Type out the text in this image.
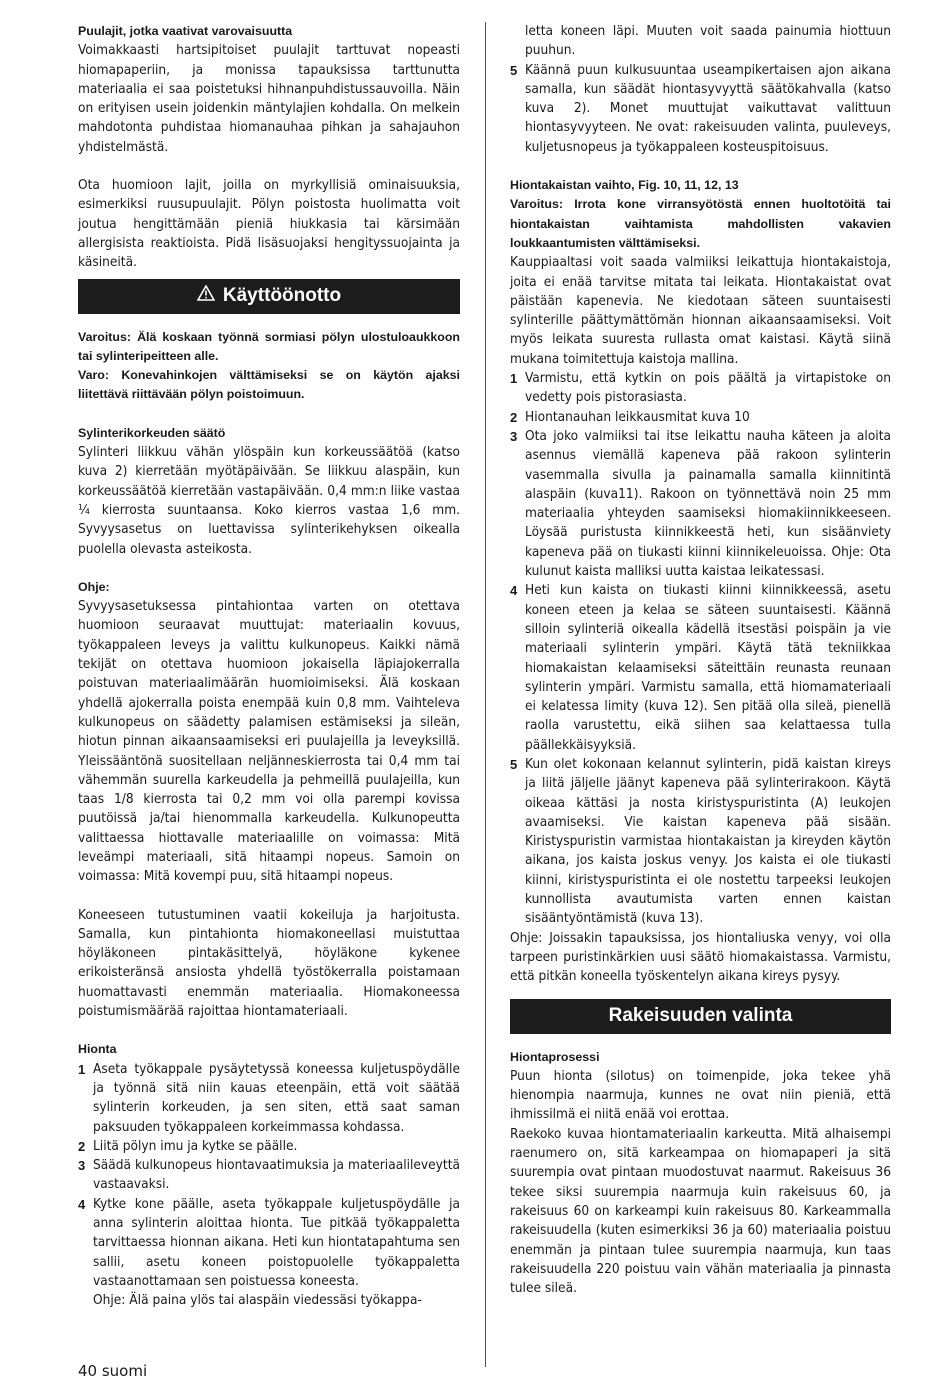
Puulajit, jotka vaativat varovaisuutta

Voimakkaasti hartsipitoiset puulajit tarttuvat nopeasti hiomapaperiin, ja monissa tapauksissa tarttunutta materiaalia ei saa poistetuksi hihnanpuhdistussauvoilla. Näin on erityisen usein joidenkin mäntylajien kohdalla. On melkein mahdotonta puhdistaa hiomanauhaa pihkan ja sahajauhon yhdistelmästä.

Ota huomioon lajit, joilla on myrkyllisiä ominaisuuksia, esimerkiksi ruusupuulajit. Pölyn poistosta huolimatta voit joutua hengittämään pieniä hiukkasia tai kärsimään allergisista reaktioista. Pidä lisäsuojaksi hengityssuojainta ja käsineitä.

Käyttöönotto

Varoitus: Älä koskaan työnnä sormiasi pölyn ulostuloaukkoon tai sylinteripeitteen alle.

Varo: Konevahinkojen välttämiseksi se on käytön ajaksi liitettävä riittävään pölyn poistoimuun.

Sylinterikorkeuden säätö

Sylinteri liikkuu vähän ylöspäin kun korkeussäätöä (katso kuva 2) kierretään myötäpäivään. Se liikkuu alaspäin, kun korkeussäätöä kierretään vastapäivään. 0,4 mm:n liike vastaa ¼ kierrosta suuntaansa. Koko kierros vastaa 1,6 mm. Syvyysasetus on luettavissa sylinterikehyksen oikealla puolella olevasta asteikosta.

Ohje:

Syvyysasetuksessa pintahiontaa varten on otettava huomioon seuraavat muuttujat: materiaalin kovuus, työkappaleen leveys ja valittu kulkunopeus. Kaikki nämä tekijät on otettava huomioon jokaisella läpiajokerralla poistuvan materiaalimäärän huomioimiseksi. Älä koskaan yhdellä ajokerralla poista enempää kuin 0,8 mm. Vaihteleva kulkunopeus on säädetty palamisen estämiseksi ja sileän, hiotun pinnan aikaansaamiseksi eri puulajeilla ja leveyksillä. Yleissääntönä suositellaan neljänneskierrosta tai 0,4 mm tai vähemmän suurella karkeudella ja pehmeillä puulajeilla, kun taas 1/8 kierrosta tai 0,2 mm voi olla parempi kovissa puutöissä ja/tai hienommalla karkeudella. Kulkunopeutta valittaessa hiottavalle materiaalille on voimassa: Mitä leveämpi materiaali, sitä hitaampi nopeus. Samoin on voimassa: Mitä kovempi puu, sitä hitaampi nopeus.

Koneeseen tutustuminen vaatii kokeiluja ja harjoitusta. Samalla, kun pintahionta hiomakoneellasi muistuttaa höyläkoneen pintakäsittelyä, höyläkone kykenee erikoisteränsä ansiosta yhdellä työstökerralla poistamaan huomattavasti enemmän materiaalia. Hiomakoneessa poistumismäärää rajoittaa hiontamateriaali.

Hionta

1 Aseta työkappale pysäytetyssä koneessa kuljetuspöydälle ja työnnä sitä niin kauas eteenpäin, että voit säätää sylinterin korkeuden, ja sen siten, että saat saman paksuuden työkappaleen korkeimmassa kohdassa.
2 Liitä pölyn imu ja kytke se päälle.
3 Säädä kulkunopeus hiontavaatimuksia ja materiaalileveyttä vastaavaksi.
4 Kytke kone päälle, aseta työkappale kuljetuspöydälle ja anna sylinterin aloittaa hionta. Tue pitkää työkappaletta tarvittaessa hionnan aikana. Heti kun hiontatapahtuma sen sallii, asetu koneen poistopuolelle työkappaletta vastaanottamaan sen poistuessa koneesta.

Ohje: Älä paina ylös tai alaspäin viedessäsi työkappa-

letta koneen läpi. Muuten voit saada painumia hiottuun puuhun.

5 Käännä puun kulkusuuntaa useampikertaisen ajon aikana samalla, kun säädät hiontasyvyyttä säätökahvalla (katso kuva 2). Monet muuttujat vaikuttavat valittuun hiontasyvyyteen. Ne ovat: rakeisuuden valinta, puuleveys, kuljetusnopeus ja työkappaleen kosteuspitoisuus.

Hiontakaistan vaihto, Fig. 10, 11, 12, 13

Varoitus: Irrota kone virransyötöstä ennen huoltotöitä tai hiontakaistan vaihtamista mahdollisten vakavien loukkaantumisten välttämiseksi.

Kauppiaaltasi voit saada valmiiksi leikattuja hiontakaistoja, joita ei enää tarvitse mitata tai leikata. Hiontakaistat ovat päistään kapenevia. Ne kiedotaan säteen suuntaisesti sylinterille päättymättömän hionnan aikaansaamiseksi. Voit myös leikata suuresta rullasta omat kaistasi. Käytä siinä mukana toimitettuja kaistoja mallina.

1 Varmistu, että kytkin on pois päältä ja virtapistoke on vedetty pois pistorasiasta.
2 Hiontanauhan leikkausmitat kuva 10
3 Ota joko valmiiksi tai itse leikattu nauha käteen ja aloita asennus viemällä kapeneva pää rakoon sylinterin vasemmalla sivulla ja painamalla samalla kiinnitintä alaspäin (kuva11). Rakoon on työnnettävä noin 25 mm materiaalia yhteyden saamiseksi hiomakiinnikkeeseen. Löysää puristusta kiinnikkeestä heti, kun sisäänviety kapeneva pää on tiukasti kiinni kiinnikeleuoissa. Ohje: Ota kulunut kaista malliksi uutta kaistaa leikatessasi.
4 Heti kun kaista on tiukasti kiinni kiinnikkeessä, asetu koneen eteen ja kelaa se säteen suuntaisesti. Käännä silloin sylinteriä oikealla kädellä itsestäsi poispäin ja vie materiaali sylinterin ympäri. Käytä tätä tekniikkaa hiomakaistan kelaamiseksi säteittäin reunasta reunaan sylinterin ympäri. Varmistu samalla, että hiomamateriaali ei kelatessa limity (kuva 12). Sen pitää olla sileä, pienellä raolla varustettu, eikä siihen saa kelattaessa tulla päällekkäisyyksiä.
5 Kun olet kokonaan kelannut sylinterin, pidä kaistan kireys ja liitä jäljelle jäänyt kapeneva pää sylinterirakoon. Käytä oikeaa kättäsi ja nosta kiristyspuristinta (A) leukojen avaamiseksi. Vie kaistan kapeneva pää sisään. Kiristyspuristin varmistaa hiontakaistan ja kireyden käytön aikana, jos kaista joskus venyy. Jos kaista ei ole tiukasti kiinni, kiristyspuristinta ei ole nostettu tarpeeksi leukojen kunnollista avautumista varten ennen kaistan sisääntyöntämistä (kuva 13).

Ohje: Joissakin tapauksissa, jos hiontaliuska venyy, voi olla tarpeen puristinkärkien uusi säätö hiomakaistassa. Varmistu, että pitkän koneella työskentelyn aikana kireys pysyy.

Rakeisuuden valinta

Hiontaprosessi

Puun hionta (silotus) on toimenpide, joka tekee yhä hienompia naarmuja, kunnes ne ovat niin pieniä, että ihmissilmä ei niitä enää voi erottaa.

Raekoko kuvaa hiontamateriaalin karkeutta. Mitä alhaisempi raenumero on, sitä karkeampaa on hiomapaperi ja sitä suurempia ovat pintaan muodostuvat naarmut. Rakeisuus 36 tekee siksi suurempia naarmuja kuin rakeisuus 60, ja rakeisuus 60 on karkeampi kuin rakeisuus 80. Karkeammalla rakeisuudella (kuten esimerkiksi 36 ja 60) materiaalia poistuu enemmän ja pintaan tulee suurempia naarmuja, kun taas rakeisuudella 220 poistuu vain vähän materiaalia ja pinnasta tulee sileä.

40 suomi
